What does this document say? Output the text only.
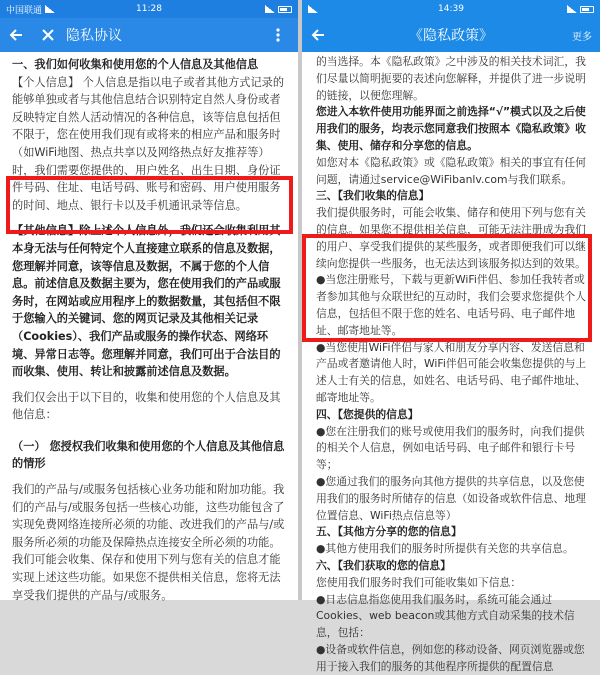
中国联通	11:28
隐私协议

一、我们如何收集和使用您的个人信息及其他信息

【个人信息】 个人信息是指以电子或者其他方式记录的能够单独或者与其他信息结合识别特定自然人身份或者反映特定自然人活动情况的各种信息，该等信息包括但不限于，您在使用我们现有或将来的相应产品和服务时（如WiFi地图、热点共享以及网络热点好友推荐等）时，我们需要您提供的、用户姓名、出生日期、身份证件号码、住址、电话号码、账号和密码、用户使用服务的时间、地点、银行卡以及手机通讯录等信息。

【其他信息】除上述个人信息外，我们还会收集利用其本身无法与任何特定个人直接建立联系的信息及数据，您理解并同意，该等信息及数据，不属于您的个人信息。前述信息及数据主要为，您在使用我们的产品或服务时，在网站或应用程序上的数据数量，其包括但不限于您输入的关键词、您的网页记录及其他相关记录（Cookies）、我们产品或服务的操作状态、网络环境、异常日志等。您理解并同意，我们可出于合法目的而收集、使用、转让和披露前述信息及数据。

我们仅会出于以下目的，收集和使用您的个人信息及其他信息：

（一） 您授权我们收集和使用您的个人信息及其他信息的情形

我们的产品与/或服务包括核心业务功能和附加功能。我们的产品与/或服务包括一些核心功能，这些功能包含了实现免费网络连接所必须的功能、改进我们的产品与/或服务所必须的功能及保障热点连接安全所必须的功能。我们可能会收集、保存和使用下列与您有关的信息才能实现上述这些功能。如果您不提供相关信息，您将无法享受我们提供的产品与/或服务。

14:39
《隐私政策》	更多

的当选择。本《隐私政策》之中涉及的相关技术词汇，我们尽量以简明扼要的表述向您解释，并提供了进一步说明的链接，以便您理解。

您进入本软件使用功能界面之前选择“√”模式以及之后使用我们的服务，均表示您同意我们按照本《隐私政策》收集、使用、储存和分享您的信息。

如您对本《隐私政策》或《隐私政策》相关的事宜有任何问题，请通过service@WiFibanlv.com与我们联系。

三、【我们收集的信息】

我们提供服务时，可能会收集、储存和使用下列与您有关的信息。如果您不提供相关信息，可能无法注册成为我们的用户、享受我们提供的某些服务，或者即便我们可以继续向您提供一些服务，也无法达到该服务拟达到的效果。

●当您注册账号，下载与更新WiFi伴侣、参加任我转者或者参加其他与众联世纪的互动时，我们会要求您提供个人信息，包括但不限于您的姓名、电话号码、电子邮件地址、邮寄地址等。

●当您使用WiFi伴侣与家人和朋友分享内容、发送信息和产品或者邀请他人时，WiFi伴侣可能会收集您提供的与上述人士有关的信息，如姓名、电话号码、电子邮件地址、邮寄地址等。

四、【您提供的信息】

●您在注册我们的账号或使用我们的服务时，向我们提供的相关个人信息，例如电话号码、电子邮件和银行卡号等；

●您通过我们的服务向其他方提供的共享信息，以及您使用我们的服务时所储存的信息（如设备或软件信息、地理位置信息、WiFi热点信息等）

五、【其他方分享的您的信息】

●其他方使用我们的服务时所提供有关您的共享信息。

六、【我们获取的您的信息】

您使用我们服务时我们可能收集如下信息：

●日志信息指您使用我们服务时，系统可能会通过Cookies、web beacon或其他方式自动采集的技术信息，包括：

●设备或软件信息，例如您的移动设备、网页浏览器或您用于接入我们的服务的其他程序所提供的配置信息
